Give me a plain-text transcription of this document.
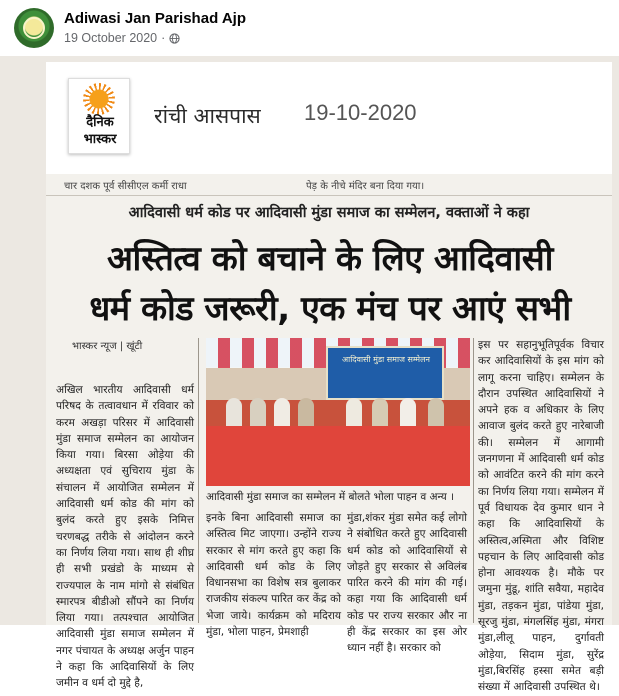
Adiwasi Jan Parishad Ajp
19 October 2020 ·
दैनिक
भास्कर
रांची आसपास 19-10-2020
चार दशक पूर्व सीसीएल कर्मी राधा	पेड़ के नीचे मंदिर बना दिया गया।
आदिवासी धर्म कोड पर आदिवासी मुंडा समाज का सम्मेलन, वक्ताओं ने कहा
अस्तित्व को बचाने के लिए आदिवासी
धर्म कोड जरूरी, एक मंच पर आएं सभी
भास्कर न्यूज | खूंटी
अखिल भारतीय आदिवासी धर्म परिषद के तत्वावधान में रविवार को करम अखड़ा परिसर में आदिवासी मुंडा समाज सम्मेलन का आयोजन किया गया। बिरसा ओड़ेया की अध्यक्षता एवं सुचिराय मुंडा के संचालन में आयोजित सम्मेलन में आदिवासी धर्म कोड की मांग को बुलंद करते हुए इसके निमित्त चरणबद्ध तरीके से आंदोलन करने का निर्णय लिया गया। साथ ही शीघ्र ही सभी प्रखंडो के माध्यम से राज्यपाल के नाम मांगो से संबंधित स्मारपत्र बीडीओ सौंपने का निर्णय लिया गया। तत्पश्चात आयोजित आदिवासी मुंडा समाज सम्मेलन में नगर पंचायत के अध्यक्ष अर्जुन पाहन ने कहा कि आदिवासियों के लिए जमीन व धर्म दो मुद्दे है,
आदिवासी मुंडा समाज सम्मेलन
आदिवासी मुंडा समाज का सम्मेलन में बोलते भोला पाहन व अन्य ।
इनके बिना आदिवासी समाज का अस्तित्व मिट जाएगा। उन्होंने राज्य सरकार से मांग करते हुए कहा कि आदिवासी धर्म कोड के लिए विधानसभा का विशेष सत्र बुलाकर राजकीय संकल्प पारित कर केंद्र को भेजा जाये। कार्यक्रम को मदिराय मुंडा, भोला पाहन, प्रेमशाही
मुंडा,शंकर मुंडा समेत कई लोगो ने संबोधित करते हुए आदिवासी धर्म कोड को आदिवासियों से जोड़ते हुए सरकार से अविलंब पारित करने की मांग की गई। कहा गया कि आदिवासी धर्म कोड पर राज्य सरकार और ना ही केंद्र सरकार का इस ओर ध्यान नहीं है। सरकार को
इस पर सहानुभूतिपूर्वक विचार कर आदिवासियों के इस मांग को लागू करना चाहिए। सम्मेलन के दौरान उपस्थित आदिवासियों ने अपने हक व अधिकार के लिए आवाज बुलंद करते हुए नारेबाजी की। सम्मेलन में आगामी जनगणना में आदिवासी धर्म कोड को आवंटित करने की मांग करने का निर्णय लिया गया। सम्मेलन में पूर्व विधायक देव कुमार धान ने कहा कि आदिवासियों के अस्तित्व,अस्मिता और विशिष्ट पहचान के लिए आदिवासी कोड होना आवश्यक है। मौके पर जमुना मुंडू, शांति सवैया, महादेव मुंडा, तड़कन मुंडा, पांडेया मुंडा, सूरजु मुंडा, मंगलसिंह मुंडा, मंगरा मुंडा,लीलू पाहन, दुर्गावती ओड़ेया, सिदाम मुंडा, सुरेंद्र मुंडा,बिरसिंह हस्सा समेत बड़ी संख्या में आदिवासी उपस्थित थे।
